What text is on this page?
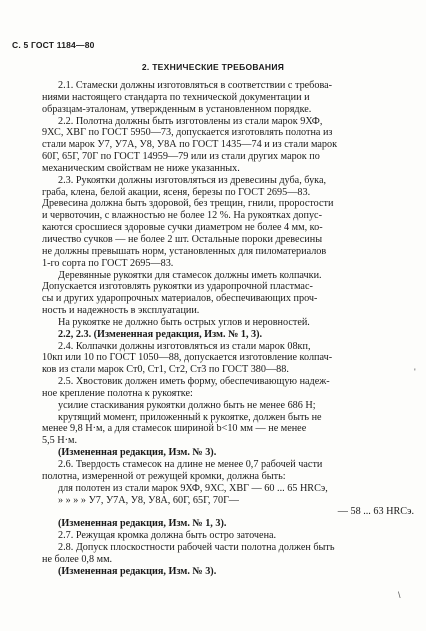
С. 5 ГОСТ 1184—80
2. ТЕХНИЧЕСКИЕ ТРЕБОВАНИЯ
2.1. Стамески должны изготовляться в соответствии с требова-
ниями настоящего стандарта по технической документации и
образцам-эталонам, утвержденным в установленном порядке.
2.2. Полотна должны быть изготовлены из стали марок 9ХФ,
9ХС, ХВГ по ГОСТ 5950—73, допускается изготовлять полотна из
стали марок У7, У7А, У8, У8А по ГОСТ 1435—74 и из стали марок
60Г, 65Г, 70Г по ГОСТ 14959—79 или из стали других марок по
механическим свойствам не ниже указанных.
2.3. Рукоятки должны изготовляться из древесины дуба, бука,
граба, клена, белой акации, ясеня, березы по ГОСТ 2695—83.
Древесина должна быть здоровой, без трещин, гнили, проростости
и червоточин, с влажностью не более 12 %. На рукоятках допус-
каются сросшиеся здоровые сучки диаметром не более 4 мм, ко-
личество сучков — не более 2 шт. Остальные пороки древесины
не должны превышать норм, установленных для пиломатериалов
1-го сорта по ГОСТ 2695—83.
Деревянные рукоятки для стамесок должны иметь колпачки.
Допускается изготовлять рукоятки из ударопрочной пластмас-
сы и других ударопрочных материалов, обеспечивающих проч-
ность и надежность в эксплуатации.
На рукоятке не должно быть острых углов и неровностей.
2.2, 2.3. (Измененная редакция, Изм. № 1, 3).
2.4. Колпачки должны изготовляться из стали марок 08кп,
10кп или 10 по ГОСТ 1050—88, допускается изготовление колпач-
ков из стали марок Ст0, Ст1, Ст2, Ст3 по ГОСТ 380—88.
2.5. Хвостовик должен иметь форму, обеспечивающую надеж-
ное крепление полотна к рукоятке:
усилие стаскивания рукоятки должно быть не менее 686 Н;
крутящий момент, приложенный к рукоятке, должен быть не
менее 9,8 Н·м, а для стамесок шириной b<10 мм — не менее
5,5 Н·м.
(Измененная редакция, Изм. № 3).
2.6. Твердость стамесок на длине не менее 0,7 рабочей части
полотна, измеренной от режущей кромки, должна быть:
для полотен из стали марок 9ХФ, 9ХС, ХВГ — 60 ... 65 HRCэ,
» » » » У7, У7А, У8, У8А, 60Г, 65Г, 70Г—
— 58 ... 63 HRCэ.
(Измененная редакция, Изм. № 1, 3).
2.7. Режущая кромка должна быть остро заточена.
2.8. Допуск плоскостности рабочей части полотна должен быть
не более 0,8 мм.
(Измененная редакция, Изм. № 3).
'
\
